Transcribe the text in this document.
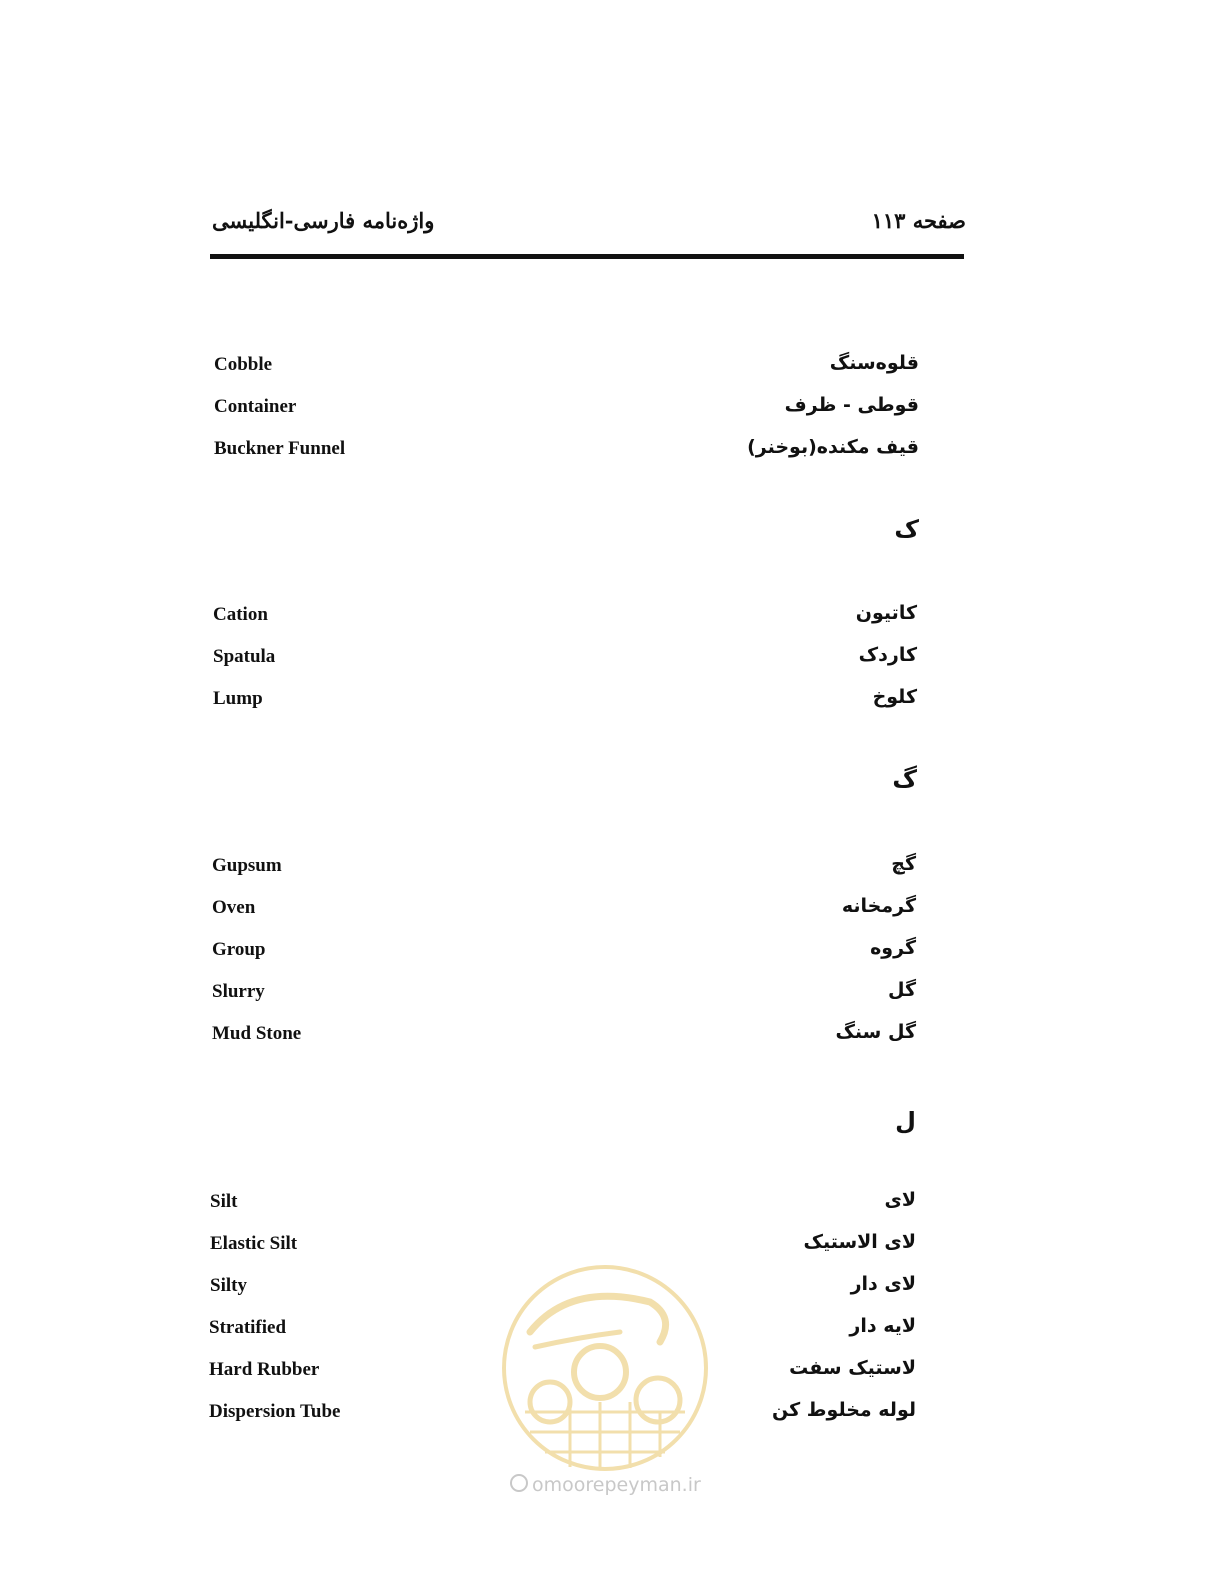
واژه‌نامه فارسی-انگلیسی	صفحه ۱۱۳
قلوه‌سنگ
Cobble
قوطی - ظرف
Container
قیف مکنده(بوخنر)
Buckner Funnel
ک
کاتیون
Cation
کاردک
Spatula
کلوخ
Lump
گ
گچ
Gupsum
گرمخانه
Oven
گروه
Group
گل
Slurry
گل سنگ
Mud Stone
ل
لای
Silt
لای الاستیک
Elastic Silt
لای دار
Silty
لایه دار
Stratified
لاستیک سفت
Hard Rubber
لوله مخلوط کن
Dispersion Tube
omoorepeyman.ir
